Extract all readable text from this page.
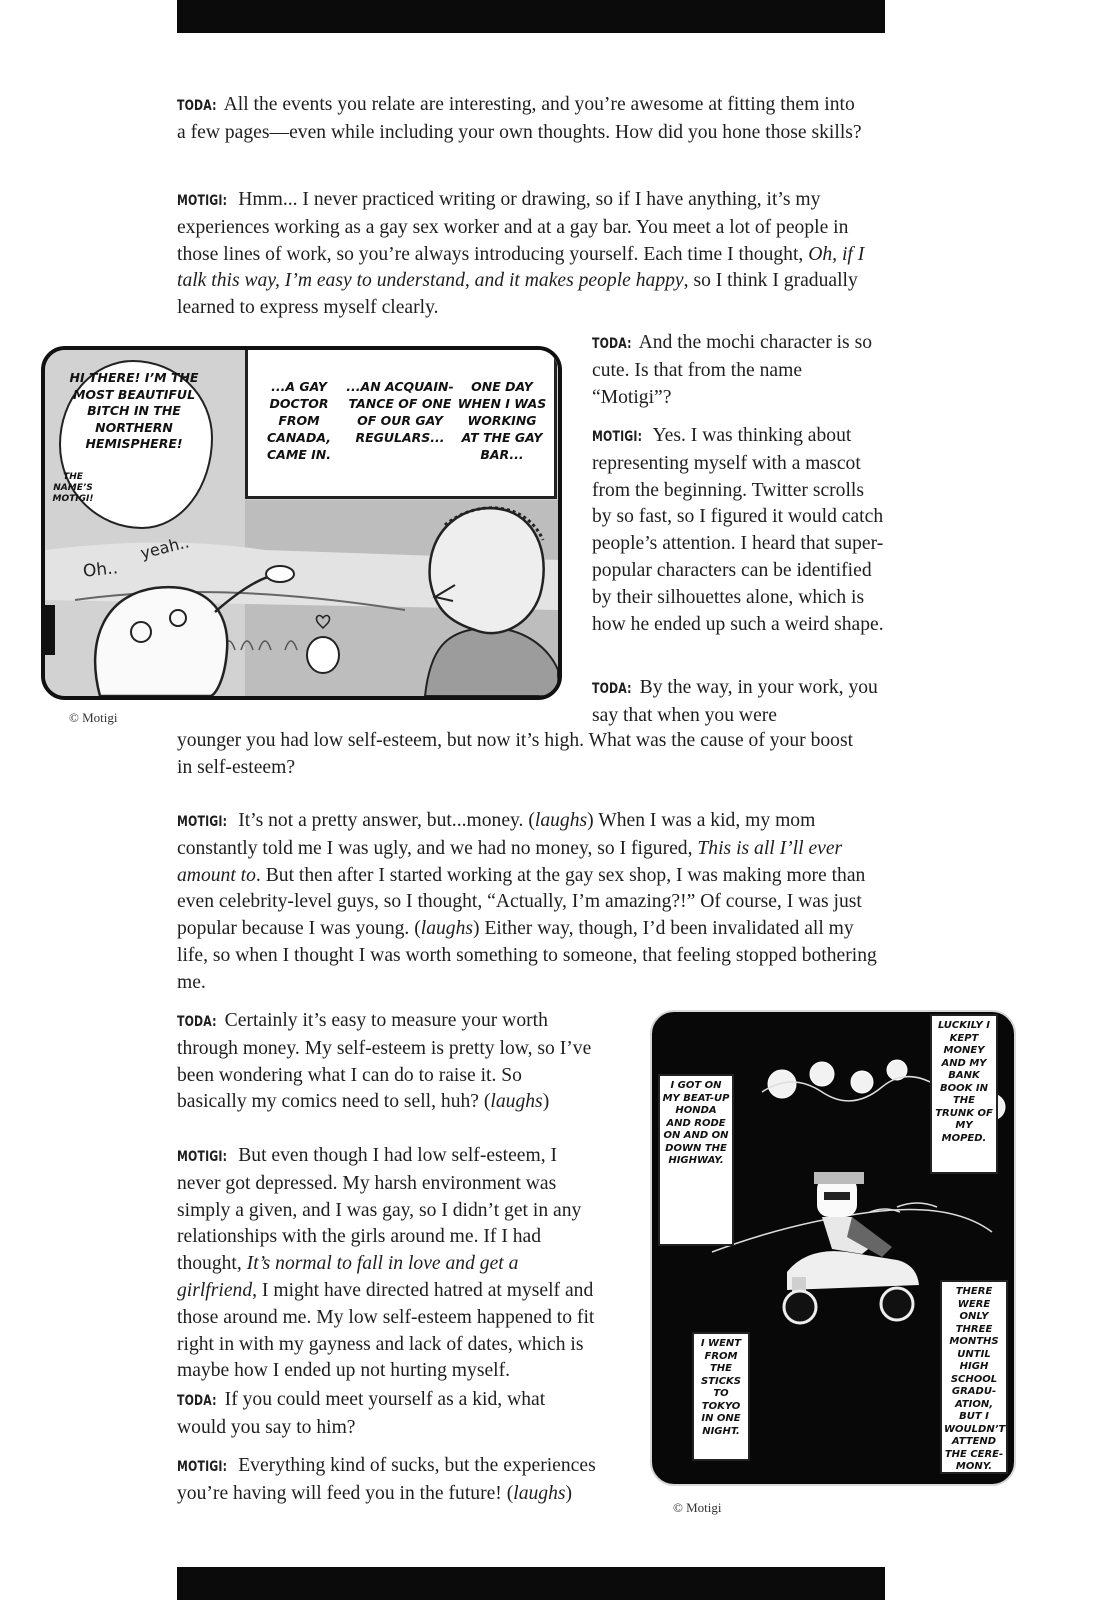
TODA: All the events you relate are interesting, and you’re awesome at fitting them into a few pages—even while including your own thoughts. How did you hone those skills?

MOTIGI: Hmm... I never practiced writing or drawing, so if I have anything, it’s my experiences working as a gay sex worker and at a gay bar. You meet a lot of people in those lines of work, so you’re always introducing yourself. Each time I thought, Oh, if I talk this way, I’m easy to understand, and it makes people happy, so I think I gradually learned to express myself clearly.

...A GAY DOCTOR FROM CANADA, CAME IN.
...AN ACQUAIN-TANCE OF ONE OF OUR GAY REGULARS...
ONE DAY WHEN I WAS WORKING AT THE GAY BAR...
HI THERE! I’M THE MOST BEAUTIFUL BITCH IN THE NORTHERN HEMISPHERE!
THE NAME’S MOTIGI!
Oh..
yeah..
© Motigi

TODA: And the mochi character is so cute. Is that from the name “Motigi”?

MOTIGI: Yes. I was thinking about representing myself with a mascot from the beginning. Twitter scrolls by so fast, so I figured it would catch people’s attention. I heard that super-popular characters can be identified by their silhouettes alone, which is how he ended up such a weird shape.

TODA: By the way, in your work, you say that when you were

younger you had low self-esteem, but now it’s high. What was the cause of your boost in self-esteem?

MOTIGI: It’s not a pretty answer, but...money. (laughs) When I was a kid, my mom constantly told me I was ugly, and we had no money, so I figured, This is all I’ll ever amount to. But then after I started working at the gay sex shop, I was making more than even celebrity-level guys, so I thought, “Actually, I’m amazing?!” Of course, I was just popular because I was young. (laughs) Either way, though, I’d been invalidated all my life, so when I thought I was worth something to someone, that feeling stopped bothering me.

TODA: Certainly it’s easy to measure your worth through money. My self-esteem is pretty low, so I’ve been wondering what I can do to raise it. So basically my comics need to sell, huh? (laughs)

MOTIGI: But even though I had low self-esteem, I never got depressed. My harsh environment was simply a given, and I was gay, so I didn’t get in any relationships with the girls around me. If I had thought, It’s normal to fall in love and get a girlfriend, I might have directed hatred at myself and those around me. My low self-esteem happened to fit right in with my gayness and lack of dates, which is maybe how I ended up not hurting myself.

TODA: If you could meet yourself as a kid, what would you say to him?

MOTIGI: Everything kind of sucks, but the experiences you’re having will feed you in the future! (laughs)

I GOT ON MY BEAT-UP HONDA AND RODE ON AND ON DOWN THE HIGHWAY.
LUCKILY I KEPT MONEY AND MY BANK BOOK IN THE TRUNK OF MY MOPED.
I WENT FROM THE STICKS TO TOKYO IN ONE NIGHT.
THERE WERE ONLY THREE MONTHS UNTIL HIGH SCHOOL GRADU-ATION, BUT I WOULDN’T ATTEND THE CERE-MONY.
© Motigi
